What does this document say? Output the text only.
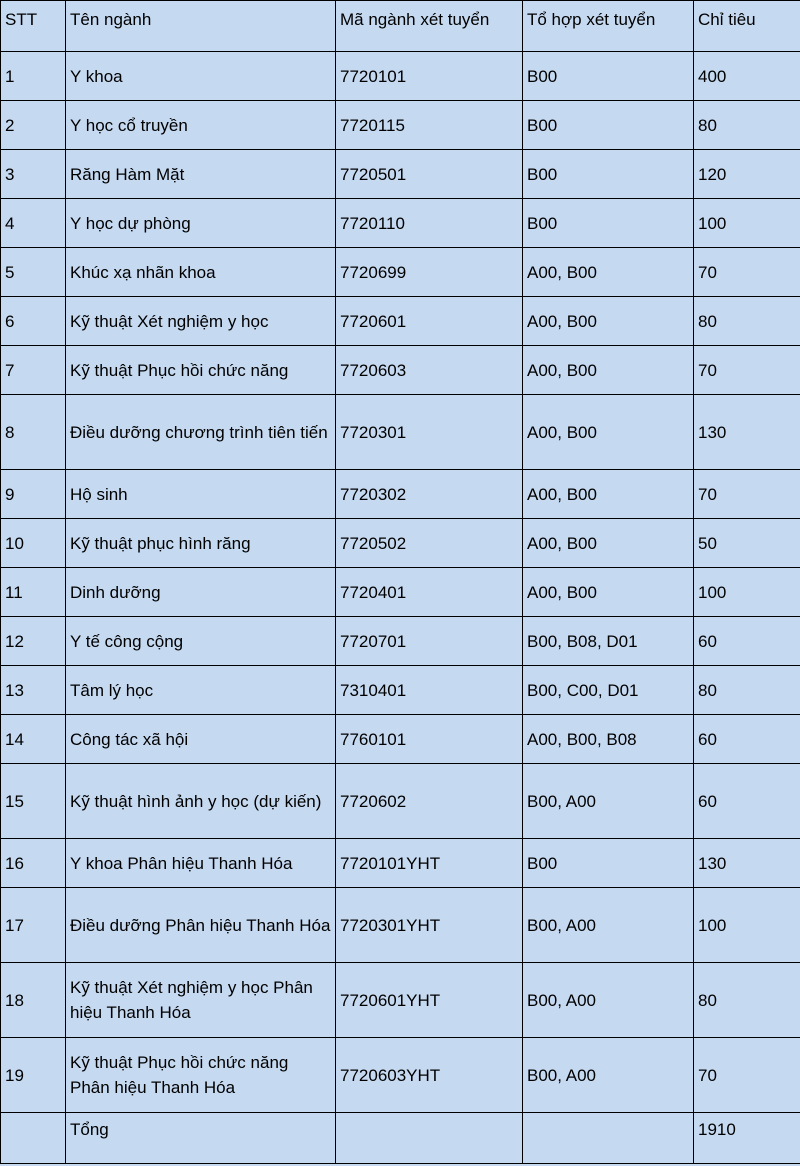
STT	Tên ngành	Mã ngành xét tuyển	Tổ hợp xét tuyển	Chỉ tiêu
1	Y khoa	7720101	B00	400
2	Y học cổ truyền	7720115	B00	80
3	Răng Hàm Mặt	7720501	B00	120
4	Y học dự phòng	7720110	B00	100
5	Khúc xạ nhãn khoa	7720699	A00, B00	70
6	Kỹ thuật Xét nghiệm y học	7720601	A00, B00	80
7	Kỹ thuật Phục hồi chức năng	7720603	A00, B00	70
8	Điều dưỡng chương trình tiên tiến	7720301	A00, B00	130
9	Hộ sinh	7720302	A00, B00	70
10	Kỹ thuật phục hình răng	7720502	A00, B00	50
11	Dinh dưỡng	7720401	A00, B00	100
12	Y tế công cộng	7720701	B00, B08, D01	60
13	Tâm lý học	7310401	B00, C00, D01	80
14	Công tác xã hội	7760101	A00, B00, B08	60
15	Kỹ thuật hình ảnh y học (dự kiến)	7720602	B00, A00	60
16	Y khoa Phân hiệu Thanh Hóa	7720101YHT	B00	130
17	Điều dưỡng Phân hiệu Thanh Hóa	7720301YHT	B00, A00	100
18	Kỹ thuật Xét nghiệm y học Phân hiệu Thanh Hóa	7720601YHT	B00, A00	80
19	Kỹ thuật Phục hồi chức năng Phân hiệu Thanh Hóa	7720603YHT	B00, A00	70
	Tổng			1910
